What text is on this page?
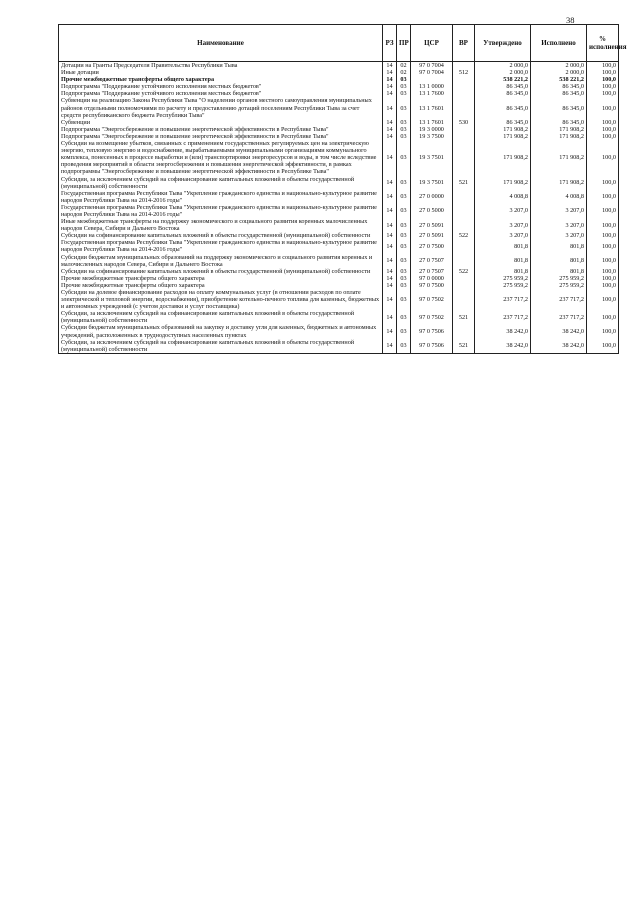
38
Наименование	РЗ	ПР	ЦСР	ВР	Утверждено	Исполнено	% исполнения
Дотации на Гранты Председателя Правительства Республики Тыва	14	02	97 0 7004		2 000,0	2 000,0	100,0
Иные дотации	14	02	97 0 7004	512	2 000,0	2 000,0	100,0
Прочие межбюджетные трансферты общего характера	14	03			538 221,2	538 221,2	100,0
Подпрограмма "Поддержание устойчивого исполнения местных бюджетов"	14	03	13 1 0000		86 345,0	86 345,0	100,0
Подпрограмма "Поддержание устойчивого исполнения местных бюджетов"	14	03	13 1 7600		86 345,0	86 345,0	100,0
Субвенции на реализацию Закона Республики Тыва "О наделении органов местного самоуправления муниципальных районов отдельными полномочиями по расчету и предоставлению дотаций поселениям Республики Тыва за счет средств республиканского бюджета Республики Тыва"	14	03	13 1 7601		86 345,0	86 345,0	100,0
Субвенции	14	03	13 1 7601	530	86 345,0	86 345,0	100,0
Подпрограмма "Энергосбережение и повышение энергетической эффективности в Республике Тыва"	14	03	19 3 0000		171 908,2	171 908,2	100,0
Подпрограмма "Энергосбережение и повышение энергетической эффективности в Республике Тыва"	14	03	19 3 7500		171 908,2	171 908,2	100,0
Субсидии на возмещение убытков, связанных с применением государственных регулируемых цен на электрическую энергию, тепловую энергию и водоснабжение, вырабатываемыми муниципальными организациями коммунального комплекса, понесенных в процессе выработки и (или) транспортировки энергоресурсов и воды, в том числе вследствие проведения мероприятий в области энергосбережения и повышения энергетической эффективности, в рамках подпрограммы "Энергосбережение и повышение энергетической эффективности в Республике Тыва"	14	03	19 3 7501		171 908,2	171 908,2	100,0
Субсидии, за исключением субсидий на софинансирование капитальных вложений в объекты государственной (муниципальной) собственности	14	03	19 3 7501	521	171 908,2	171 908,2	100,0
Государственная программа Республики Тыва "Укрепление гражданского единства и национально-культурное развитие народов Республики Тыва на 2014-2016 годы"	14	03	27 0 0000		4 008,8	4 008,8	100,0
Государственная программа Республики Тыва "Укрепление гражданского единства и национально-культурное развитие народов Республики Тыва на 2014-2016 годы"	14	03	27 0 5000		3 207,0	3 207,0	100,0
Иные межбюджетные трансферты на поддержку экономического и социального развития коренных малочисленных народов Севера, Сибири и Дальнего Востока	14	03	27 0 5091		3 207,0	3 207,0	100,0
Субсидии на софинансирование капитальных вложений в объекты государственной (муниципальной) собственности	14	03	27 0 5091	522	3 207,0	3 207,0	100,0
Государственная программа Республики Тыва "Укрепление гражданского единства и национально-культурное развитие народов Республики Тыва на 2014-2016 годы"	14	03	27 0 7500		801,8	801,8	100,0
Субсидии бюджетам муниципальных образований на поддержку экономического и социального развития коренных и малочисленных народов Севера, Сибири и Дальнего Востока	14	03	27 0 7507		801,8	801,8	100,0
Субсидии на софинансирование капитальных вложений в объекты государственной (муниципальной) собственности	14	03	27 0 7507	522	801,8	801,8	100,0
Прочие межбюджетные трансферты общего характера	14	03	97 0 0000		275 959,2	275 959,2	100,0
Прочие межбюджетные трансферты общего характера	14	03	97 0 7500		275 959,2	275 959,2	100,0
Субсидии на долевое финансирование расходов на оплату коммунальных услуг (в отношении расходов по оплате электрической и тепловой энергии, водоснабжения), приобретение котельно-печного топлива для казенных, бюджетных и автономных учреждений (с учетом доставки и услуг поставщика)	14	03	97 0 7502		237 717,2	237 717,2	100,0
Субсидии, за исключением субсидий на софинансирование капитальных вложений в объекты государственной (муниципальной) собственности	14	03	97 0 7502	521	237 717,2	237 717,2	100,0
Субсидии бюджетам муниципальных образований на закупку и доставку угля для казенных, бюджетных и автономных учреждений, расположенных в труднодоступных населенных пунктах	14	03	97 0 7506		38 242,0	38 242,0	100,0
Субсидии, за исключением субсидий на софинансирование капитальных вложений в объекты государственной (муниципальной) собственности	14	03	97 0 7506	521	38 242,0	38 242,0	100,0
